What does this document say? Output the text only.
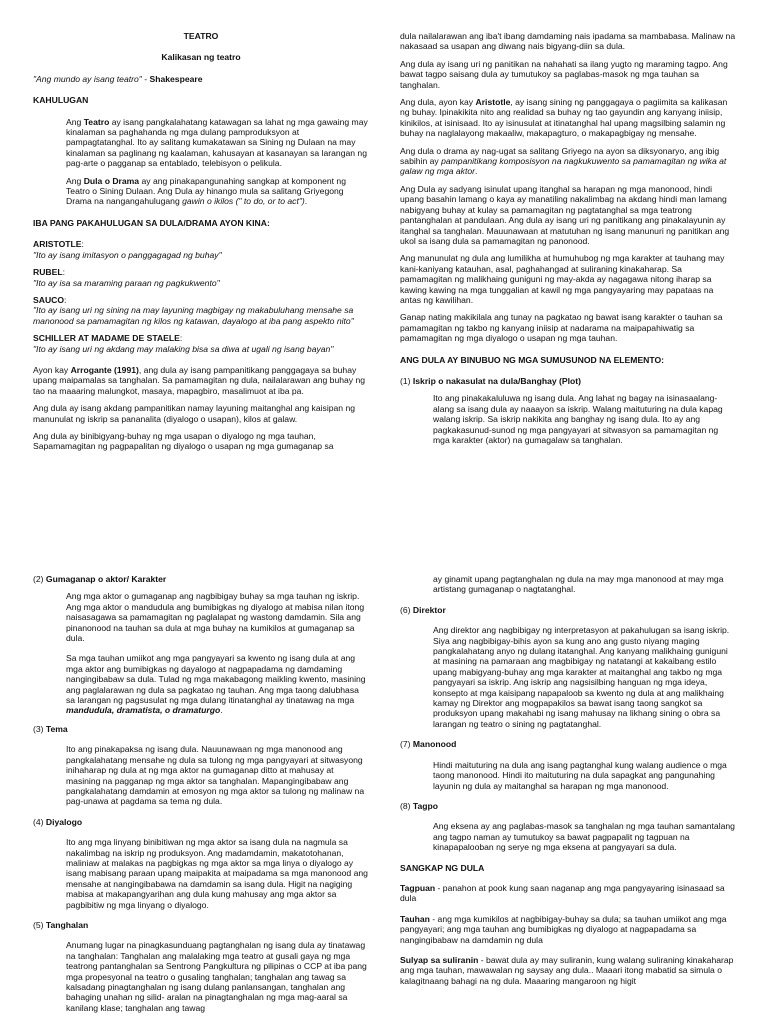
TEATRO
Kalikasan ng teatro
"Ang mundo ay isang teatro" - Shakespeare
KAHULUGAN
Ang Teatro ay isang pangkalahatang katawagan sa lahat ng mga gawaing may kinalaman sa paghahanda ng mga dulang pamproduksyon at pampagtatanghal. Ito ay salitang kumakatawan sa Sining ng Dulaan na may kinalaman sa paglinang ng kaalaman, kahusayan at kasanayan sa larangan ng pag-arte o pagganap sa entablado, telebisyon o pelikula.
Ang Dula o Drama ay ang pinakapangunahing sangkap at komponent ng Teatro o Sining Dulaan. Ang Dula ay hinango mula sa salitang Griyegong Drama na nangangahulugang gawin o ikilos (" to do, or to act").
IBA PANG PAKAHULUGAN SA DULA/DRAMA AYON KINA:
ARISTOTLE:
"Ito ay isang imitasyon o panggagagad ng buhay"
RUBEL:
"Ito ay isa sa maraming paraan ng pagkukwento"
SAUCO:
"Ito ay isang uri ng sining na may layuning magbigay ng makabuluhang mensahe sa manonood sa pamamagitan ng kilos ng katawan, dayalogo at iba pang aspekto nito"
SCHILLER AT MADAME DE STAELE:
"Ito ay isang uri ng akdang may malaking bisa sa diwa at ugali ng isang bayan"
Ayon kay Arrogante (1991), ang dula ay isang pampanitikang panggagaya sa buhay upang maipamalas sa tanghalan. Sa pamamagitan ng dula, nailalarawan ang buhay ng tao na maaaring malungkot, masaya, mapagbiro, masalimuot at iba pa.
Ang dula ay isang akdang pampanitikan namay layuning maitanghal ang kaisipan ng manunulat ng iskrip sa pananalita (diyalogo o usapan), kilos at galaw.
Ang dula ay binibigyang-buhay ng mga usapan o diyalogo ng mga tauhan, Sapamamagitan ng pagpapalitan ng diyalogo o usapan ng mga gumaganap sa
dula nailalarawan ang iba't ibang damdaming nais ipadama sa mambabasa. Malinaw na nakasaad sa usapan ang diwang nais bigyang-diin sa dula.
Ang dula ay isang uri ng panitikan na nahahati sa ilang yugto ng maraming tagpo. Ang bawat tagpo saisang dula ay tumutukoy sa paglabas-masok ng mga tauhan sa tanghalan.
Ang dula, ayon kay Aristotle, ay isang sining ng panggagaya o pagiimita sa kalikasan ng buhay. Ipinakikita nito ang realidad sa buhay ng tao gayundin ang kanyang iniisip, kinikilos, at isinisaad. Ito ay isinusulat at itinatanghal hal upang magsilbing salamin ng buhay na naglalayong makaaliw, makapagturo, o makapagbigay ng mensahe.
Ang dula o drama ay nag-ugat sa salitang Griyego na ayon sa diksyonaryo, ang ibig sabihin ay pampanitikang komposisyon na nagkukuwento sa pamamagitan ng wika at galaw ng mga aktor.
Ang Dula ay sadyang isinulat upang itanghal sa harapan ng mga manonood, hindi upang basahin lamang o kaya ay manatiling nakalimbag na akdang hindi man lamang nabigyang buhay at kulay sa pamamagitan ng pagtatanghal sa mga teatrong pantanghalan at pandulaan. Ang dula ay isang uri ng panitikang ang pinakalayunin ay itanghal sa tanghalan. Mauunawaan at matutuhan ng isang manunuri ng panitikan ang ukol sa isang dula sa pamamagitan ng panonood.
Ang manunulat ng dula ang lumilikha at humuhubog ng mga karakter at tauhang may kani-kaniyang katauhan, asal, paghahangad at suliraning kinakaharap. Sa pamamagitan ng malikhaing guniguni ng may-akda ay nagagawa nitong iharap sa kawing kawing na mga tunggalian at kawil ng mga pangyayaring may papataas na antas ng kawilihan.
Ganap nating makikilala ang tunay na pagkatao ng bawat isang karakter o tauhan sa pamamagitan ng takbo ng kanyang iniisip at nadarama na maipapahiwatig sa pamamagitan ng mga diyalogo o usapan ng mga tauhan.
ANG DULA AY BINUBUO NG MGA SUMUSUNOD NA ELEMENTO:
(1) Iskrip o nakasulat na dula/Banghay (Plot)
Ito ang pinakakaluluwa ng isang dula. Ang lahat ng bagay na isinasaalang-alang sa isang dula ay naaayon sa iskrip. Walang maituturing na dula kapag walang iskrip. Sa iskrip nakikita ang banghay ng isang dula. Ito ay ang pagkakasunud-sunod ng mga pangyayari at sitwasyon sa pamamagitan ng mga karakter (aktor) na gumagalaw sa tanghalan.
(2) Gumaganap o aktor/ Karakter
Ang mga aktor o gumaganap ang nagbibigay buhay sa mga tauhan ng iskrip. Ang mga aktor o mandudula ang bumibigkas ng diyalogo at mabisa nilan itong naisasagawa sa pamamagitan ng paglalapat ng wastong damdamin. Sila ang pinanonood na tauhan sa dula at mga buhay na kumikilos at gumaganap sa dula.
Sa mga tauhan umiikot ang mga pangyayari sa kwento ng isang dula at ang mga aktor ang bumibigkas ng dayalogo at nagpapadama ng damdaming nangingibabaw sa dula. Tulad ng mga makabagong maikling kwento, masining ang paglalarawan ng dula sa pagkatao ng tauhan. Ang mga taong dalubhasa sa larangan ng pagsusulat ng mga dulang itinatanghal ay tinatawag na mga mandudula, dramatista, o dramaturgo.
(3) Tema
Ito ang pinakapaksa ng isang dula. Nauunawaan ng mga manonood ang pangkalahatang mensahe ng dula sa tulong ng mga pangyayari at sitwasyong inihaharap ng dula at ng mga aktor na gumaganap ditto at mahusay at masining na pagganap ng mga aktor sa tanghalan. Mapangingibabaw ang pangkalahatang damdamin at emosyon ng mga aktor sa tulong ng malinaw na pag-unawa at pagdama sa tema ng dula.
(4) Diyalogo
Ito ang mga linyang binibitiwan ng mga aktor sa isang dula na nagmula sa nakalimbag na iskrip ng produksyon. Ang madamdamin, makatotohanan, maliniaw at malakas na pagbigkas ng mga aktor sa mga linya o diyalogo ay isang mabisang paraan upang maipakita at maipadama sa mga manonood ang mensahe at nangingibabawa na damdamin sa isang dula. Higit na nagiging mabisa at makapangyarihan ang dula kung mahusay ang mga aktor sa pagbibitiw ng mga linyang o diyalogo.
(5) Tanghalan
Anumang lugar na pinagkasunduang pagtanghalan ng isang dula ay tinatawag na tanghalan: Tanghalan ang malalaking mga teatro at gusali gaya ng mga teatrong pantanghalan sa Sentrong Pangkultura ng pilipinas o CCP at iba pang mga propesyonal na teatro o gusaling tanghalan; tanghalan ang tawag sa kalsadang pinagtanghalan ng isang dulang panlansangan, tanghalan ang bahaging unahan ng silid- aralan na pinagtanghalan ng mga mag-aaral sa kanilang klase; tanghalan ang tawag
ay ginamit upang pagtanghalan ng dula na may mga manonood at may mga artistang gumaganap o nagtatanghal.
(6) Direktor
Ang direktor ang nagbibigay ng interpretasyon at pakahulugan sa isang iskrip. Siya ang nagbibigay-bihis ayon sa kung ano ang gusto niyang maging pangkalahatang anyo ng dulang itatanghal. Ang kanyang malikhaing guniguni at masining na pamaraan ang magbibigay ng natatangi at kakaibang estilo upang mabigyang-buhay ang mga karakter at maitanghal ang takbo ng mga pangyayari sa iskrip. Ang iskrip ang nagsisilbing hanguan ng mga ideya, konsepto at mga kaisipang napapaloob sa kwento ng dula at ang malikhaing kamay ng Direktor ang mogpapakilos sa bawat isang taong sangkot sa produksyon upang makahabi ng isang mahusay na likhang sining o obra sa larangan ng teatro o sining ng pagtatanghal.
(7) Manonood
Hindi maituturing na dula ang isang pagtanghal kung walang audience o mga taong manonood. Hindi ito maituturing na dula sapagkat ang pangunahing layunin ng dula ay maitanghal sa harapan ng mga manonood.
(8) Tagpo
Ang eksena ay ang paglabas-masok sa tanghalan ng mga tauhan samantalang ang tagpo naman ay tumutukoy sa bawat pagpapalit ng tagpuan na kinapapalooban ng serye ng mga eksena at pangyayari sa dula.
SANGKAP NG DULA
Tagpuan - panahon at pook kung saan naganap ang mga pangyayaring isinasaad sa dula
Tauhan - ang mga kumikilos at nagbibigay-buhay sa dula; sa tauhan umiikot ang mga pangyayari; ang mga tauhan ang bumibigkas ng diyalogo at nagpapadama sa nangingibabaw na damdamin ng dula
Sulyap sa suliranin - bawat dula ay may suliranin, kung walang suliraning kinakaharap ang mga tauhan, mawawalan ng saysay ang dula.. Maaari itong mabatid sa simula o kalagitnaang bahagi na ng dula. Maaaring mangaroon ng higit
